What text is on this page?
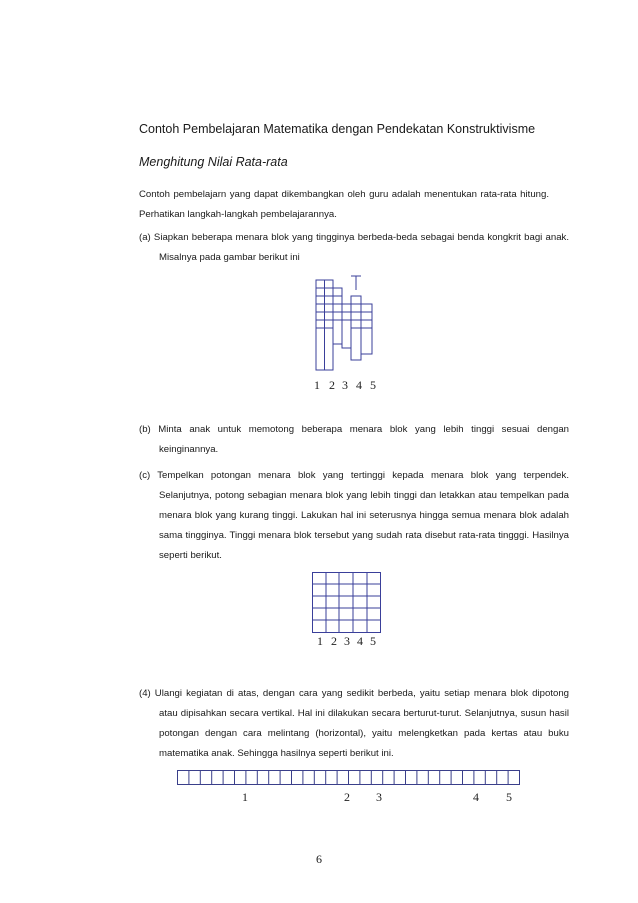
Contoh Pembelajaran Matematika dengan Pendekatan Konstruktivisme
Menghitung Nilai Rata-rata
Contoh pembelajarn yang dapat dikembangkan oleh guru adalah menentukan rata-rata hitung. Perhatikan langkah-langkah pembelajarannya.
(a) Siapkan beberapa menara blok yang tingginya berbeda-beda sebagai benda kongkrit bagi anak. Misalnya pada gambar berikut ini
1 2 3 4 5
(b) Minta anak untuk memotong beberapa menara blok yang lebih tinggi sesuai dengan keinginannya.
(c) Tempelkan potongan menara blok yang tertinggi kepada menara blok yang terpendek. Selanjutnya, potong sebagian menara blok yang lebih tinggi dan letakkan atau tempelkan pada menara blok yang kurang tinggi. Lakukan hal ini seterusnya hingga semua menara blok adalah sama tingginya. Tinggi menara blok tersebut yang sudah rata disebut rata-rata tingggi. Hasilnya seperti berikut.
1 2 3 4 5
(4) Ulangi kegiatan di atas, dengan cara yang sedikit berbeda, yaitu setiap menara blok dipotong atau dipisahkan secara vertikal. Hal ini dilakukan secara berturut-turut. Selanjutnya, susun hasil potongan dengan cara melintang (horizontal), yaitu melengketkan pada kertas atau buku matematika anak. Sehingga hasilnya seperti berikut ini.
1	2 3	4 5
6
